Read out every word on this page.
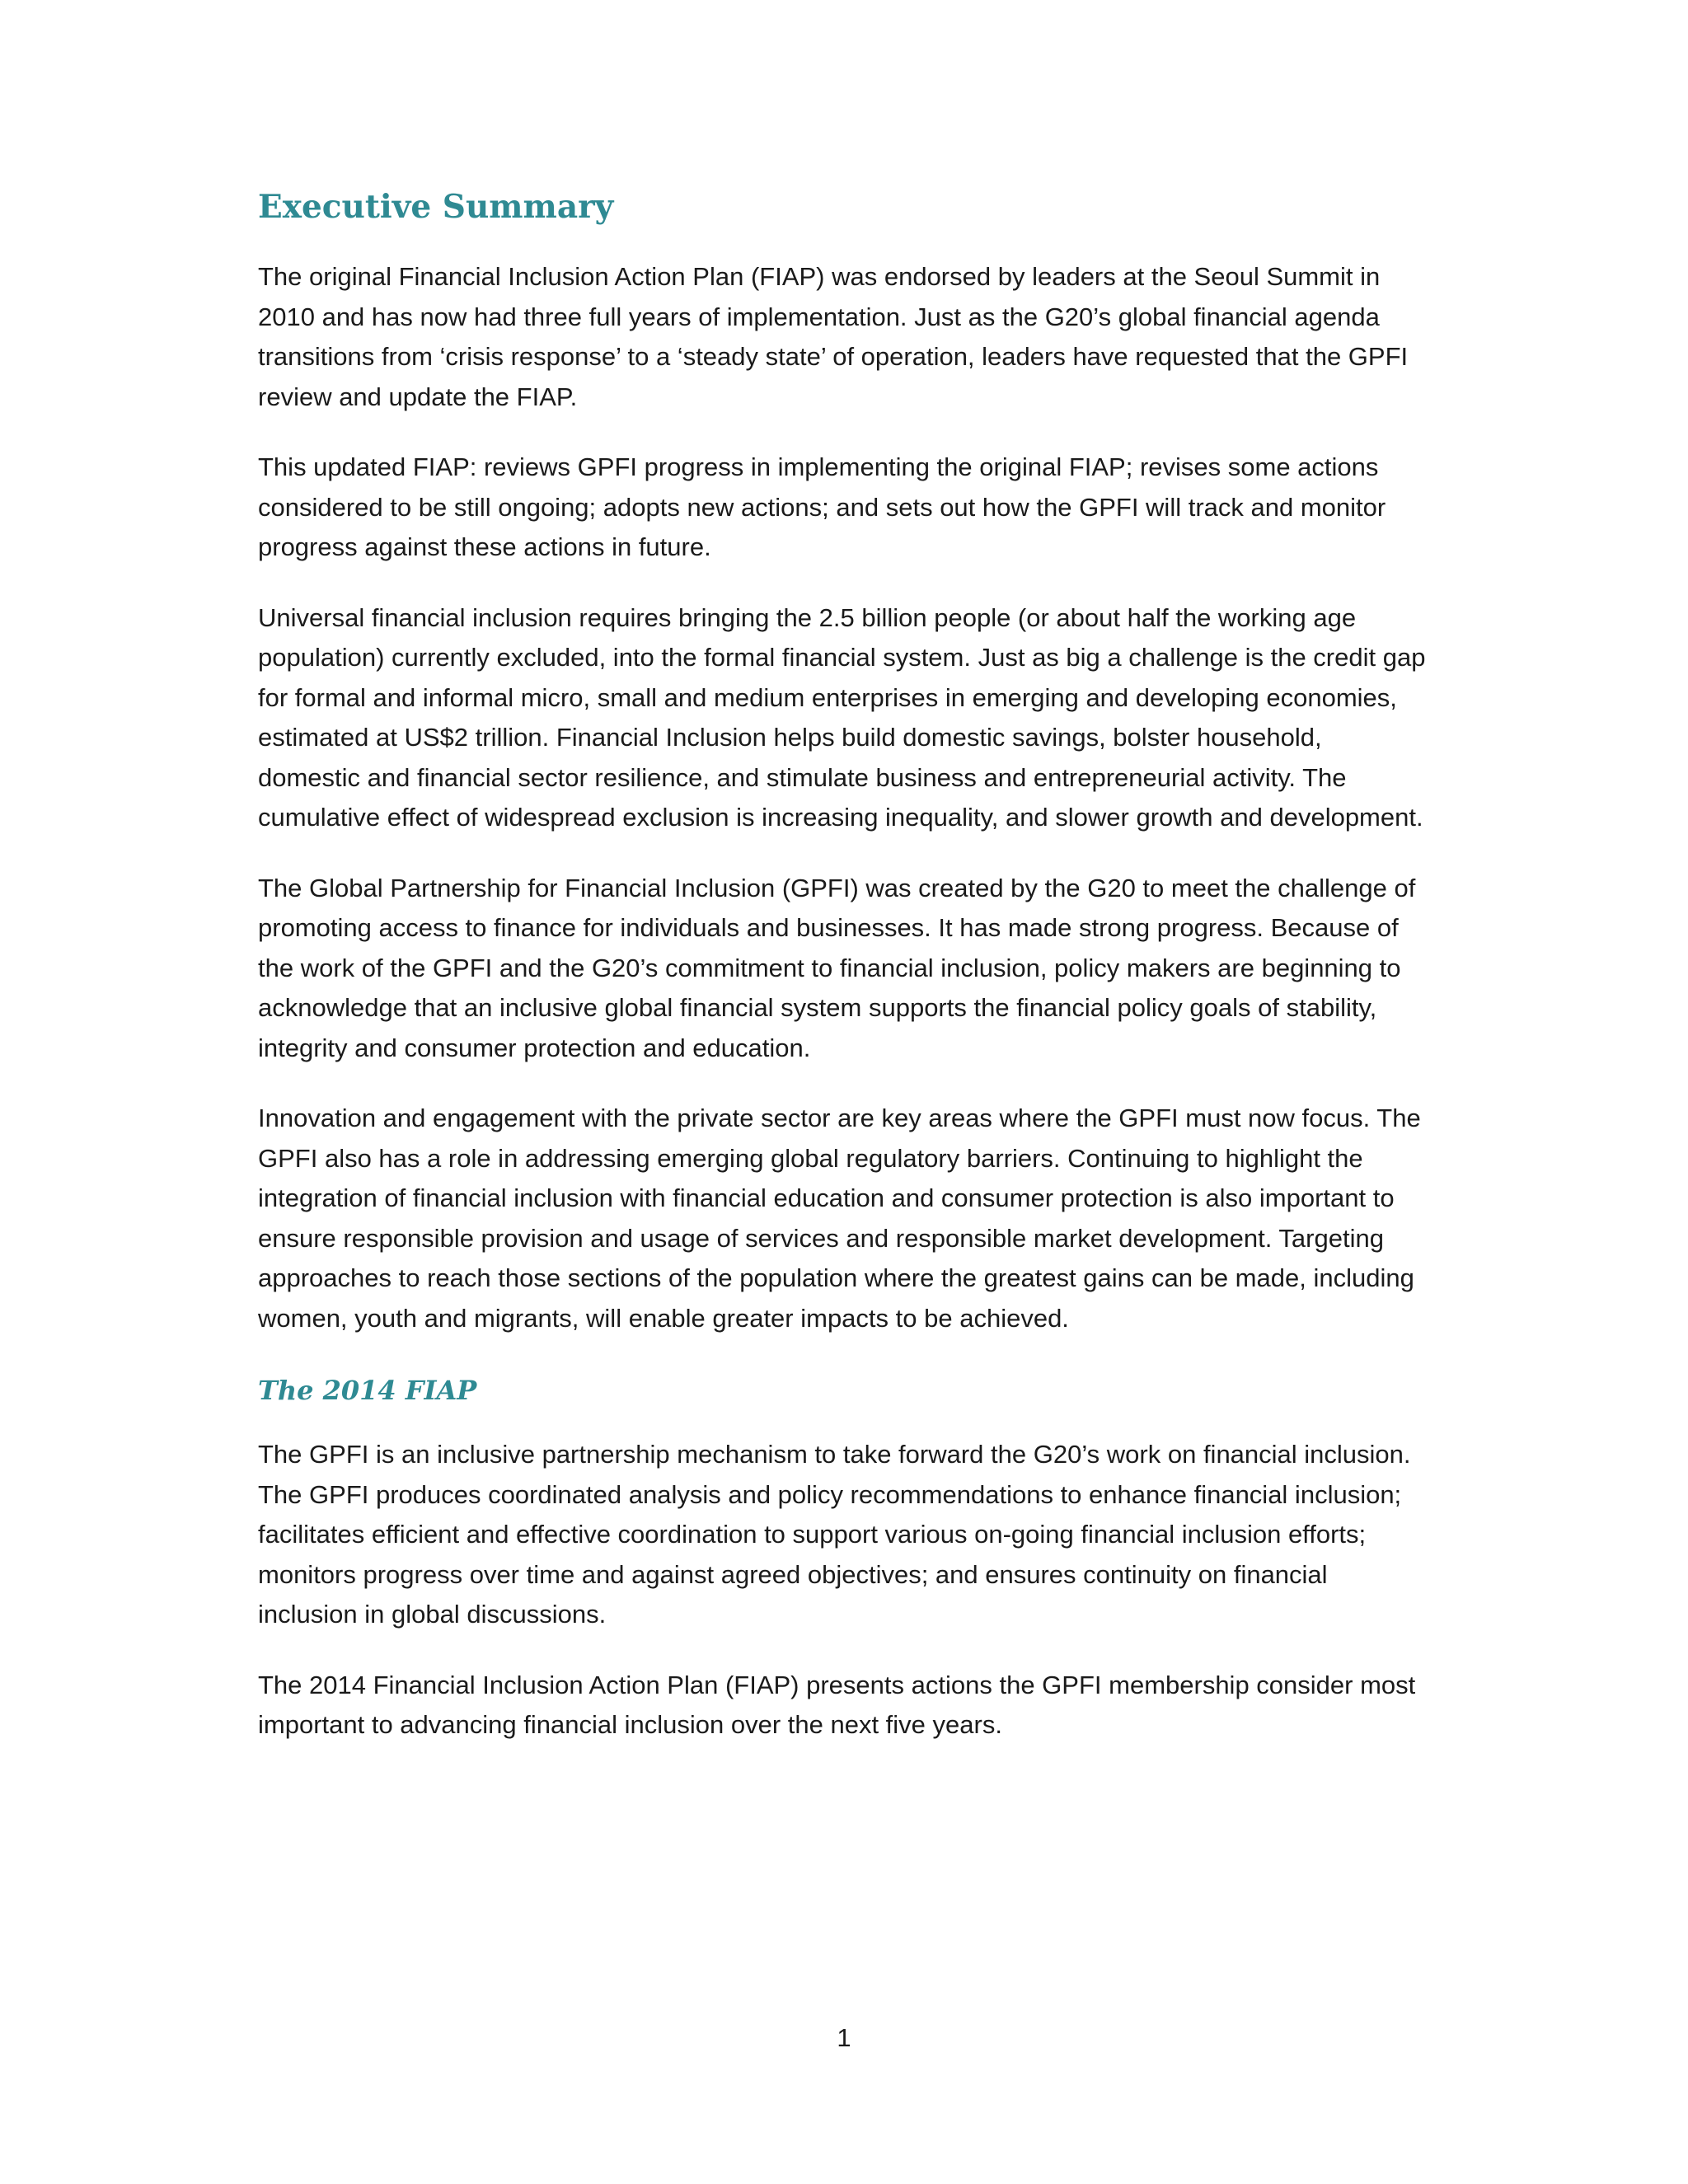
Executive Summary

The original Financial Inclusion Action Plan (FIAP) was endorsed by leaders at the Seoul Summit in 2010 and has now had three full years of implementation. Just as the G20’s global financial agenda transitions from ‘crisis response’ to a ‘steady state’ of operation, leaders have requested that the GPFI review and update the FIAP.

This updated FIAP: reviews GPFI progress in implementing the original FIAP; revises some actions considered to be still ongoing; adopts new actions; and sets out how the GPFI will track and monitor progress against these actions in future.

Universal financial inclusion requires bringing the 2.5 billion people (or about half the working age population) currently excluded, into the formal financial system. Just as big a challenge is the credit gap for formal and informal micro, small and medium enterprises in emerging and developing economies, estimated at US$2 trillion. Financial Inclusion helps build domestic savings, bolster household, domestic and financial sector resilience, and stimulate business and entrepreneurial activity. The cumulative effect of widespread exclusion is increasing inequality, and slower growth and development.

The Global Partnership for Financial Inclusion (GPFI) was created by the G20 to meet the challenge of promoting access to finance for individuals and businesses. It has made strong progress. Because of the work of the GPFI and the G20’s commitment to financial inclusion, policy makers are beginning to acknowledge that an inclusive global financial system supports the financial policy goals of stability, integrity and consumer protection and education.

Innovation and engagement with the private sector are key areas where the GPFI must now focus. The GPFI also has a role in addressing emerging global regulatory barriers. Continuing to highlight the integration of financial inclusion with financial education and consumer protection is also important to ensure responsible provision and usage of services and responsible market development. Targeting approaches to reach those sections of the population where the greatest gains can be made, including women, youth and migrants, will enable greater impacts to be achieved.

The 2014 FIAP

The GPFI is an inclusive partnership mechanism to take forward the G20’s work on financial inclusion. The GPFI produces coordinated analysis and policy recommendations to enhance financial inclusion; facilitates efficient and effective coordination to support various on-going financial inclusion efforts; monitors progress over time and against agreed objectives; and ensures continuity on financial inclusion in global discussions.

The 2014 Financial Inclusion Action Plan (FIAP) presents actions the GPFI membership consider most important to advancing financial inclusion over the next five years.

1
